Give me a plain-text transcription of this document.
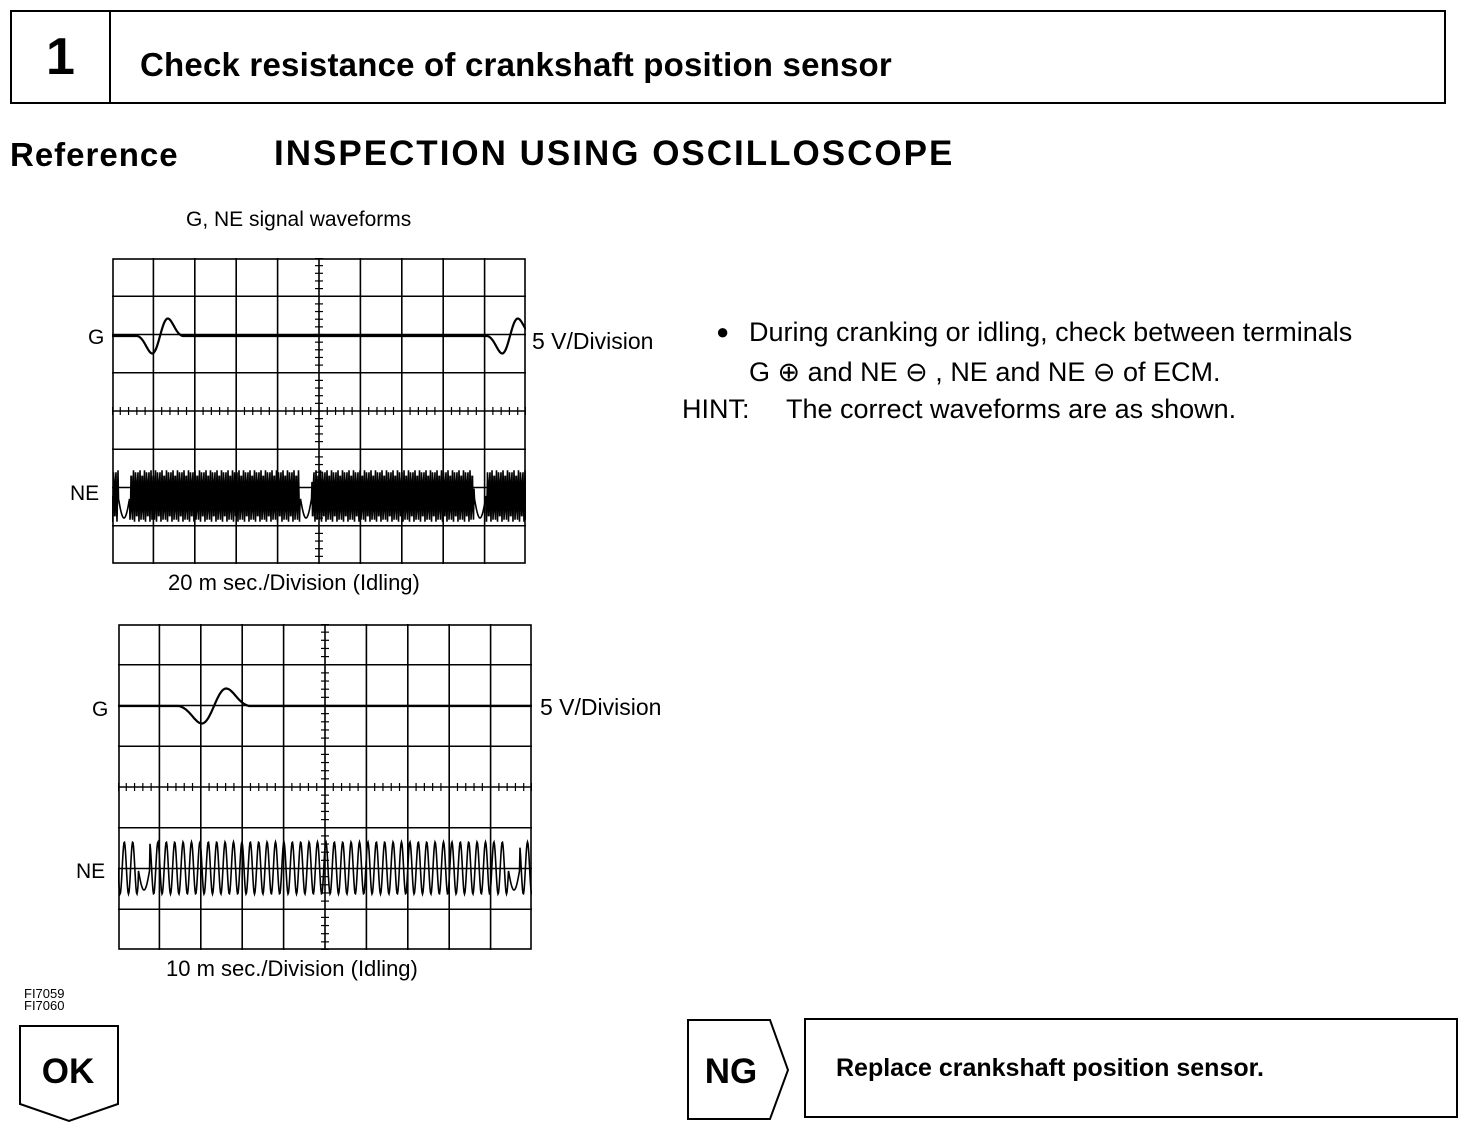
1	Check resistance of crankshaft position sensor
Reference	INSPECTION USING OSCILLOSCOPE
G, NE signal waveforms
G
NE
5 V/Division
20 m sec./Division (Idling)
G
NE
5 V/Division
10 m sec./Division (Idling)
FI7059
FI7060
● During cranking or idling, check between terminals
G ⊕ and NE ⊖ , NE and NE ⊖ of ECM.
HINT: The correct waveforms are as shown.
OK	NG	Replace crankshaft position sensor.
